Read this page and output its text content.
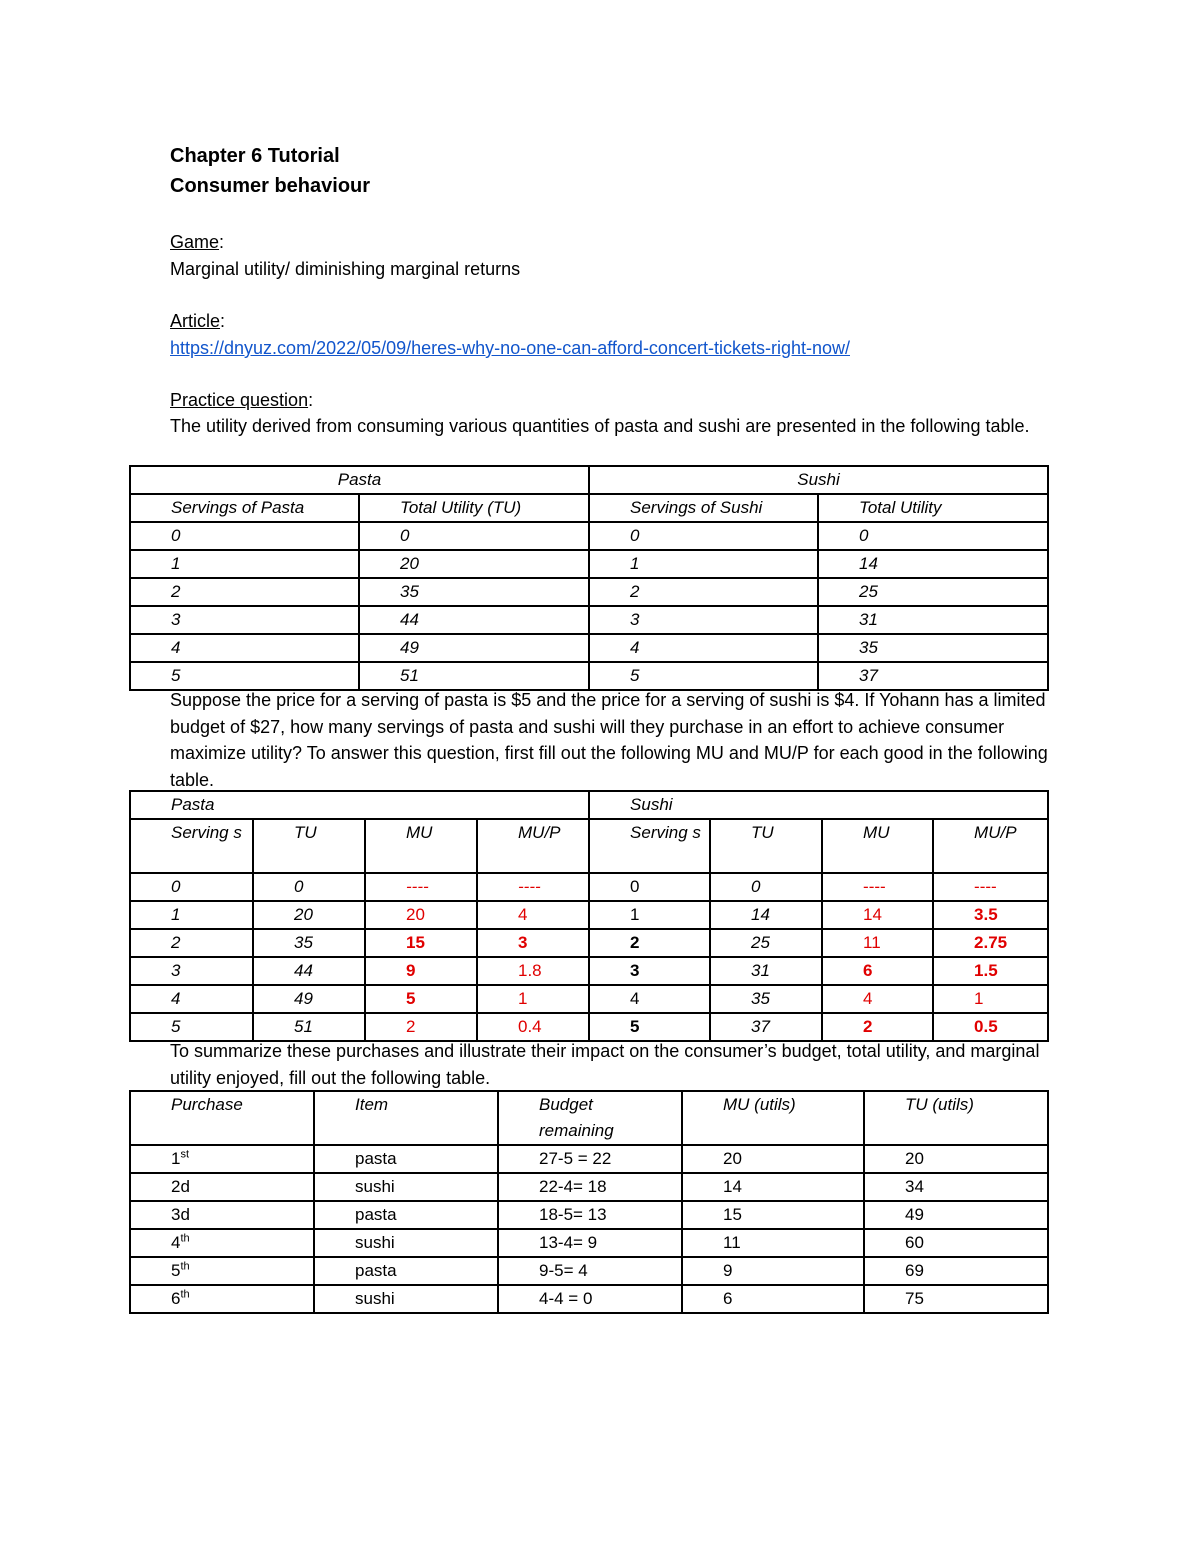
Chapter 6 Tutorial
Consumer behaviour
Game:
Marginal utility/ diminishing marginal returns
Article:
https://dnyuz.com/2022/05/09/heres-why-no-one-can-afford-concert-tickets-right-now/
Practice question:
The utility derived from consuming various quantities of pasta and sushi are presented in the following table.
Pasta		Sushi	
Servings of Pasta	Total Utility (TU)	Servings of Sushi	Total Utility
0	0	0	0
1	20	1	14
2	35	2	25
3	44	3	31
4	49	4	35
5	51	5	37
Suppose the price for a serving of pasta is $5 and the price for a serving of sushi is $4. If Yohann has a limited budget of $27, how many servings of pasta and sushi will they purchase in an effort to achieve consumer maximize utility? To answer this question, first fill out the following MU and MU/P for each good in the following table.
Pasta				Sushi			
Serving s	TU	MU	MU/P	Serving s	TU	MU	MU/P
0	0	----	----	0	0	----	----
1	20	20	4	1	14	14	3.5
2	35	15	3	2	25	11	2.75
3	44	9	1.8	3	31	6	1.5
4	49	5	1	4	35	4	1
5	51	2	0.4	5	37	2	0.5
To summarize these purchases and illustrate their impact on the consumer’s budget, total utility, and marginal utility enjoyed, fill out the following table.
Purchase	Item	Budget remaining	MU (utils)	TU (utils)
1st	pasta	27-5 = 22	20	20
2d	sushi	22-4= 18	14	34
3d	pasta	18-5= 13	15	49
4th	sushi	13-4= 9	11	60
5th	pasta	9-5= 4	9	69
6th	sushi	4-4 = 0	6	75
